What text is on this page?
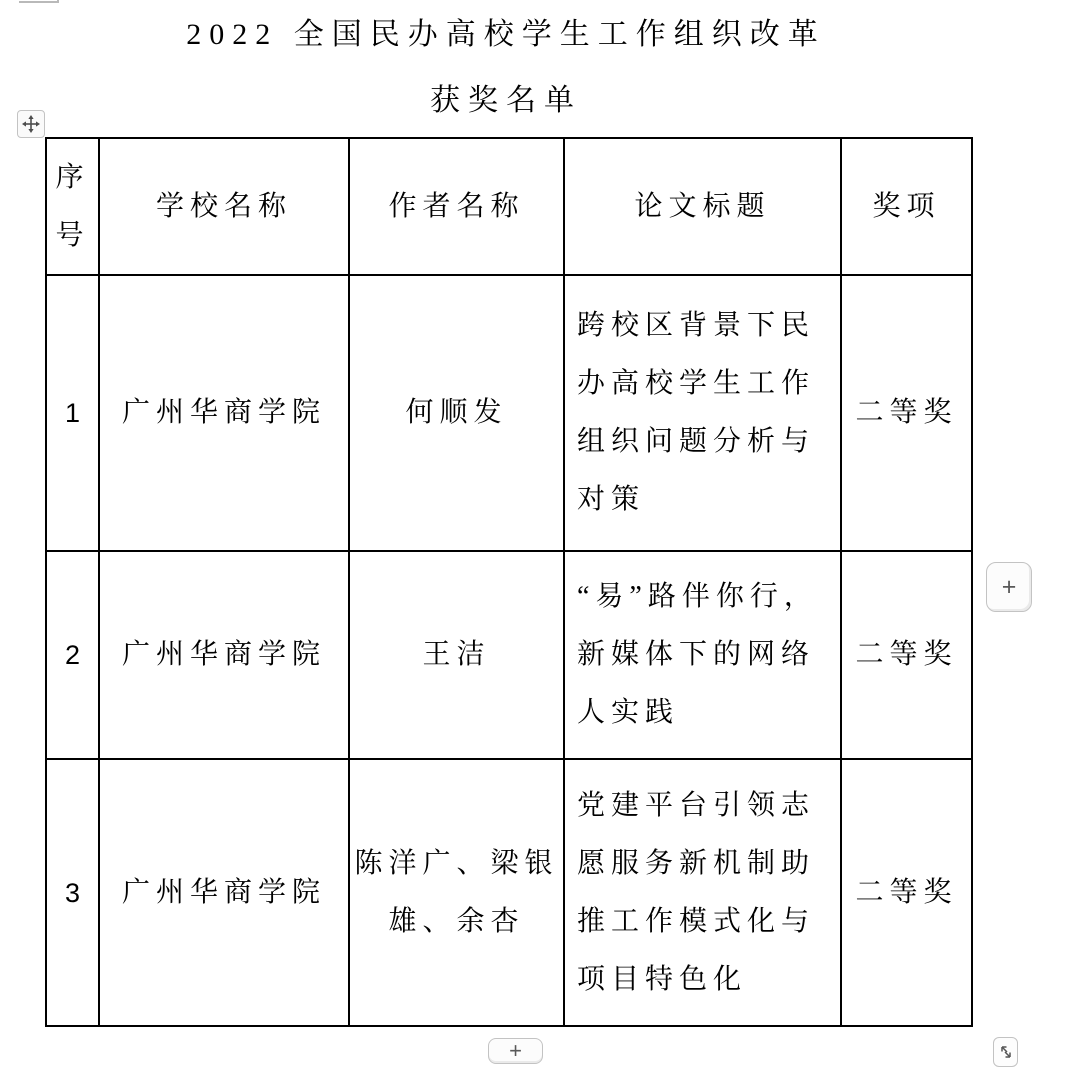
2022 全国民办高校学生工作组织改革
获奖名单
序号	学校名称	作者名称	论文标题	奖项
1	广州华商学院	何顺发	跨校区背景下民办高校学生工作组织问题分析与对策	二等奖
2	广州华商学院	王洁	“易”路伴你行，新媒体下的网络人实践	二等奖
3	广州华商学院	陈洋广、梁银雄、余杏	党建平台引领志愿服务新机制助推工作模式化与项目特色化	二等奖
+
+
